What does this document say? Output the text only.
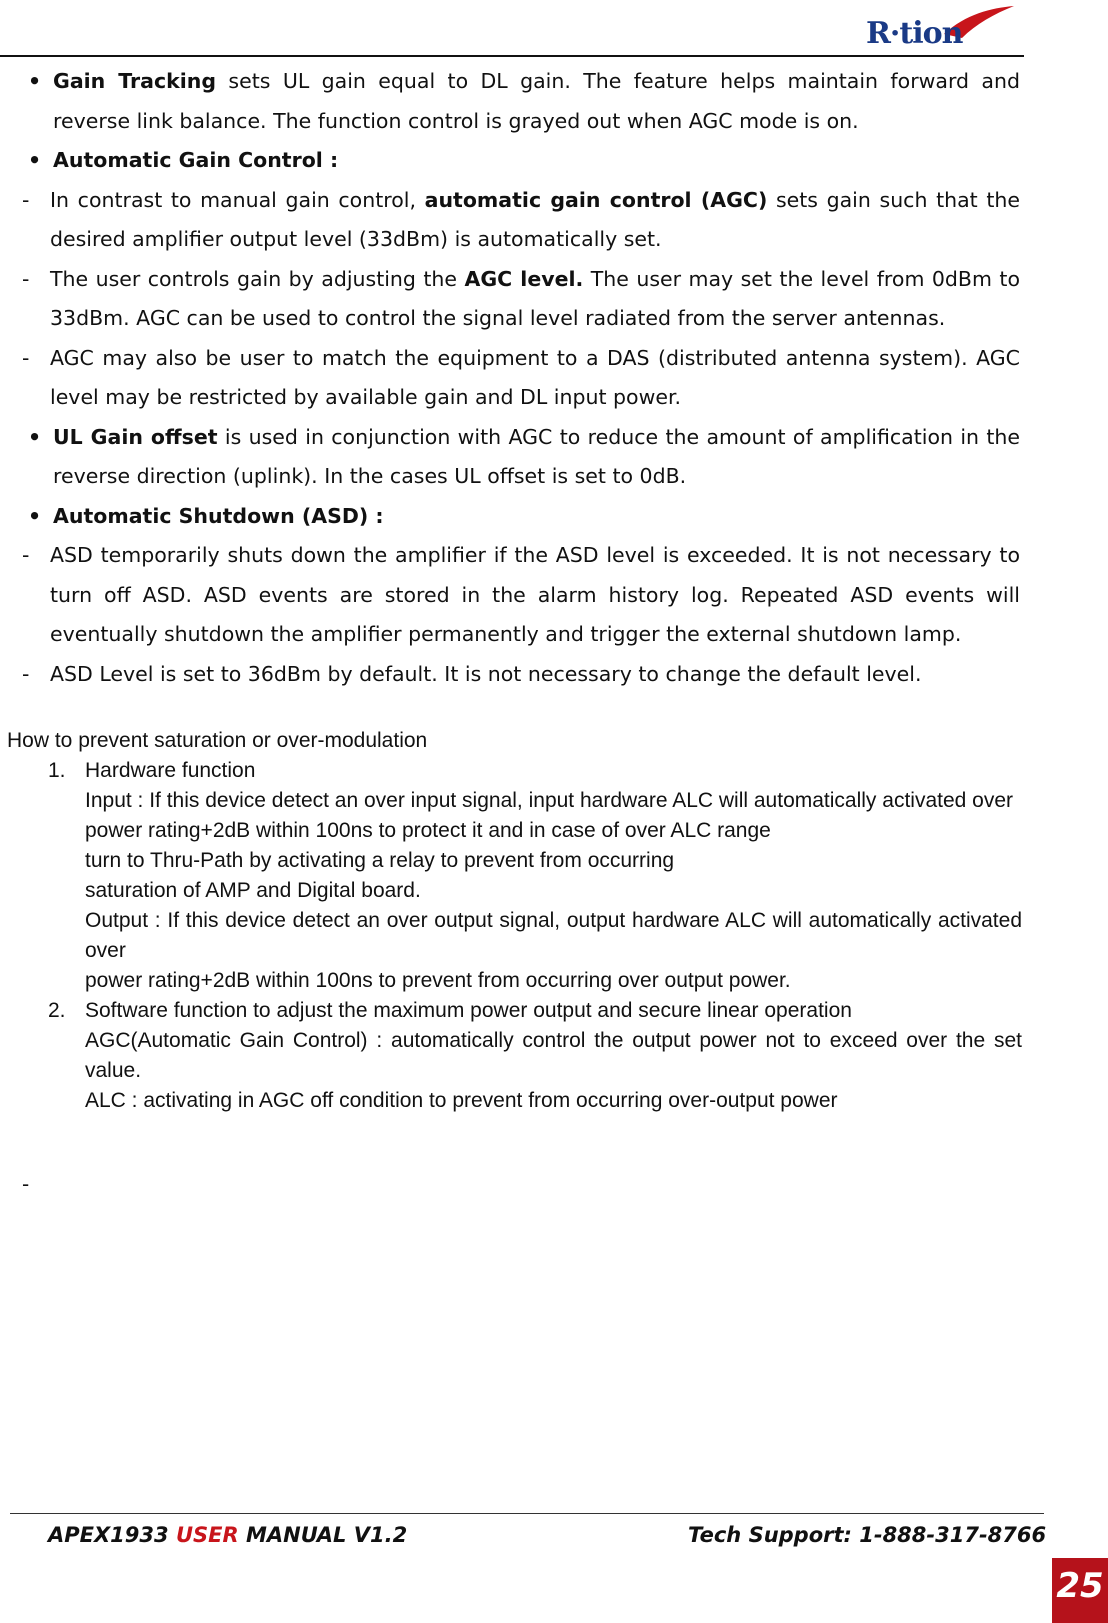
R·tion
• Gain Tracking sets UL gain equal to DL gain. The feature helps maintain forward and reverse link balance. The function control is grayed out when AGC mode is on.
• Automatic Gain Control :
- In contrast to manual gain control, automatic gain control (AGC) sets gain such that the desired amplifier output level (33dBm) is automatically set.
- The user controls gain by adjusting the AGC level. The user may set the level from 0dBm to 33dBm. AGC can be used to control the signal level radiated from the server antennas.
- AGC may also be user to match the equipment to a DAS (distributed antenna system). AGC level may be restricted by available gain and DL input power.
• UL Gain offset is used in conjunction with AGC to reduce the amount of amplification in the reverse direction (uplink). In the cases UL offset is set to 0dB.
• Automatic Shutdown (ASD) :
- ASD temporarily shuts down the amplifier if the ASD level is exceeded. It is not necessary to turn off ASD. ASD events are stored in the alarm history log. Repeated ASD events will eventually shutdown the amplifier permanently and trigger the external shutdown lamp.
- ASD Level is set to 36dBm by default. It is not necessary to change the default level.
How to prevent saturation or over-modulation
1. Hardware function
Input : If this device detect an over input signal, input hardware ALC will automatically activated over
power rating+2dB within 100ns to protect it and in case of over ALC range
turn to Thru-Path by activating a relay to prevent from occurring
saturation of AMP and Digital board.
Output : If this device detect an over output signal, output hardware ALC will automatically activated over
power rating+2dB within 100ns to prevent from occurring over output power.
2. Software function to adjust the maximum power output and secure linear operation
AGC(Automatic Gain Control) : automatically control the output power not to exceed over the set value.
ALC : activating in AGC off condition to prevent from occurring over-output power
-
APEX1933 USER MANUAL V1.2	Tech Support: 1-888-317-8766
25
